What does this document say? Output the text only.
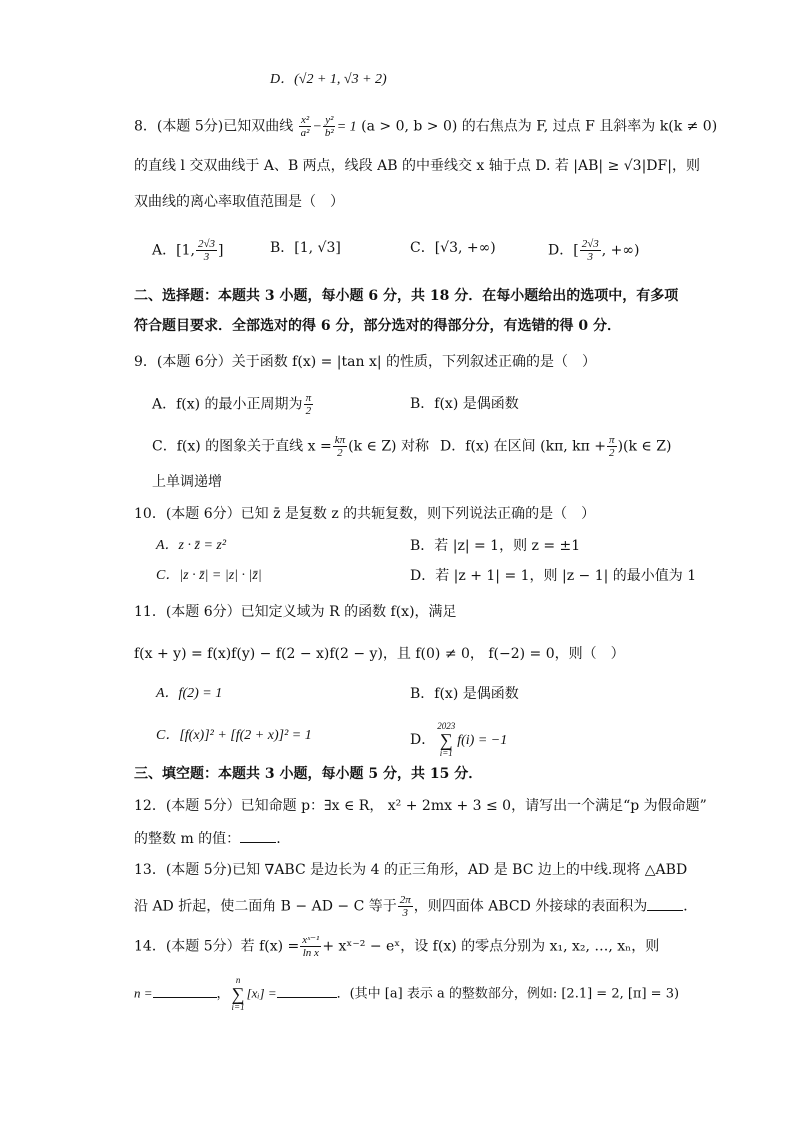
D．(√2 + 1, √3 + 2)
8．(本题 5分)已知双曲线 $\frac{\text{x²}}{\text{a²}} - \frac{\text{y²}}{\text{b²}} = 1$ (a > 0, b > 0) 的右焦点为 F, 过点 F 且斜率为 k(k ≠ 0)
的直线 l 交双曲线于 A、B 两点，线段 AB 的中垂线交 x 轴于点 D. 若 |AB| ≥ √3|DF|，则
双曲线的离心率取值范围是（　）
A．[1, $\frac{2√3}{3}$ ]	B．[1, √3]	C．[√3, +∞)	D．[ $\frac{2√3}{3}$ , +∞)
二、选择题：本题共 3 小题，每小题 6 分，共 18 分．在每小题给出的选项中，有多项
符合题目要求．全部选对的得 6 分，部分选对的得部分分，有选错的得 0 分．
9．(本题 6分）关于函数 f(x) = |tan x| 的性质，下列叙述正确的是（　）
A．f(x) 的最小正周期为 $\frac{\pi}{2}$	B．f(x) 是偶函数
C．f(x) 的图象关于直线 $x = \frac{k\pi}{2} (k$ ∈ Z) 对称 D．f(x) 在区间 (kπ, $k\pi + \frac{\pi}{2} )(k$ ∈ Z)
上单调递增
10．(本题 6分）已知 z̄ 是复数 z 的共轭复数，则下列说法正确的是（　）
A．z · z̄ = z²	B．若 |z| = 1，则 z = ±1
C．|z · z̄| = |z| · |z̄|	D．若 |z + 1| = 1，则 |z − 1| 的最小值为 1
11．(本题 6分）已知定义域为 R 的函数 f(x)，满足
f(x + y) = f(x)f(y) − f(2 − x)f(2 − y)，且 f(0) ≠ 0， f(−2) = 0，则（　）
A．f(2) = 1	B．f(x) 是偶函数
C．[f(x)]² + [f(2 + x)]² = 1	D．
2023
∑
i=1
f(i) = −1
三、填空题：本题共 3 小题，每小题 5 分，共 15 分．
12．(本题 5分）已知命题 p：∃x ∈ R， x² + 2mx + 3 ≤ 0，请写出一个满足“p 为假命题”
的整数 m 的值：	.
13．(本题 5分)已知 ∇ABC 是边长为 4 的正三角形，AD 是 BC 边上的中线.现将 △ABD
沿 AD 折起，使二面角 B − AD − C 等于 $\frac{2\pi}{3}$ ，则四面体 ABCD 外接球的表面积为	．
14．(本题 5分）若 $f(x) = \frac{\text{xˣ⁻¹}}{\text{ln x}}$ + xˣ⁻² − eˣ，设 f(x) 的零点分别为 x₁, x₂, …, xₙ，则
n =	，
n
∑
i=1
[xᵢ] =	．(其中 [a] 表示 a 的整数部分，例如: [2.1] = 2, [π] = 3)
